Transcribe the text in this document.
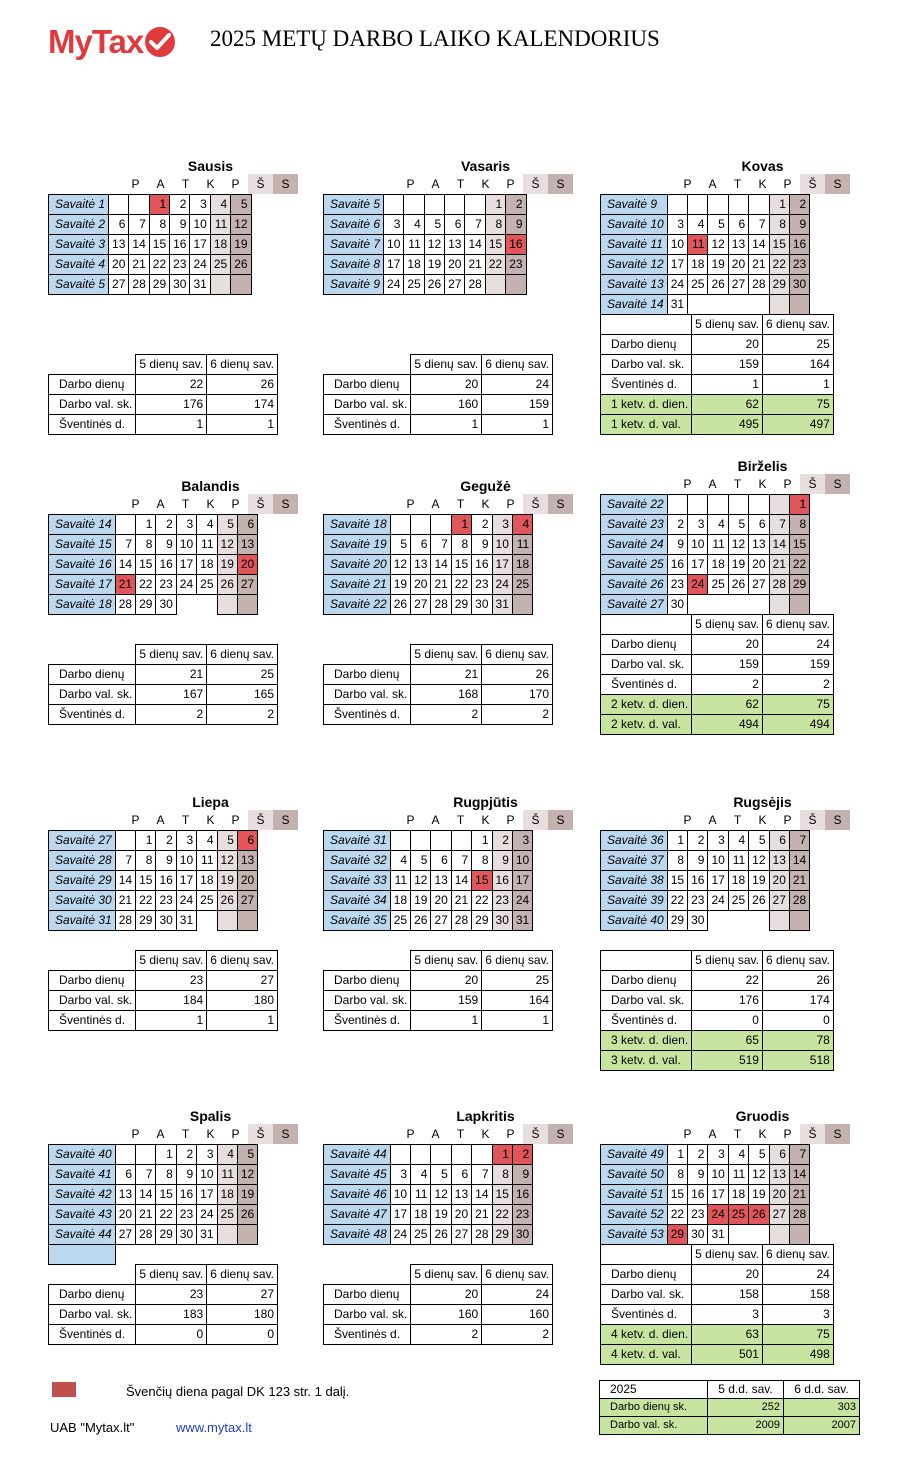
MyTax	2025 METŲ DARBO LAIKO KALENDORIUS
Sausis
P	A	T	K	P	Š	S
Savaitė 1			1	2	3	4	5
Savaitė 2	6	7	8	9	10	11	12
Savaitė 3	13	14	15	16	17	18	19
Savaitė 4	20	21	22	23	24	25	26
Savaitė 5	27	28	29	30	31		
	5 dienų sav.	6 dienų sav.
Darbo dienų	22	26
Darbo val. sk.	176	174
Šventinės d.	1	1
Vasaris
P	A	T	K	P	Š	S
Savaitė 5						1	2
Savaitė 6	3	4	5	6	7	8	9
Savaitė 7	10	11	12	13	14	15	16
Savaitė 8	17	18	19	20	21	22	23
Savaitė 9	24	25	26	27	28		
	5 dienų sav.	6 dienų sav.
Darbo dienų	20	24
Darbo val. sk.	160	159
Šventinės d.	1	1
Kovas
P	A	T	K	P	Š	S
Savaitė 9						1	2
Savaitė 10	3	4	5	6	7	8	9
Savaitė 11	10	11	12	13	14	15	16
Savaitė 12	17	18	19	20	21	22	23
Savaitė 13	24	25	26	27	28	29	30
Savaitė 14	31						
	5 dienų sav.	6 dienų sav.
Darbo dienų	20	25
Darbo val. sk.	159	164
Šventinės d.	1	1
1 ketv. d. dien.	62	75
1 ketv. d. val.	495	497
Balandis
P	A	T	K	P	Š	S
Savaitė 14		1	2	3	4	5	6
Savaitė 15	7	8	9	10	11	12	13
Savaitė 16	14	15	16	17	18	19	20
Savaitė 17	21	22	23	24	25	26	27
Savaitė 18	28	29	30				
	5 dienų sav.	6 dienų sav.
Darbo dienų	21	25
Darbo val. sk.	167	165
Šventinės d.	2	2
Gegužė
P	A	T	K	P	Š	S
Savaitė 18				1	2	3	4
Savaitė 19	5	6	7	8	9	10	11
Savaitė 20	12	13	14	15	16	17	18
Savaitė 21	19	20	21	22	23	24	25
Savaitė 22	26	27	28	29	30	31	
	5 dienų sav.	6 dienų sav.
Darbo dienų	21	26
Darbo val. sk.	168	170
Šventinės d.	2	2
Birželis
P	A	T	K	P	Š	S
Savaitė 22							1
Savaitė 23	2	3	4	5	6	7	8
Savaitė 24	9	10	11	12	13	14	15
Savaitė 25	16	17	18	19	20	21	22
Savaitė 26	23	24	25	26	27	28	29
Savaitė 27	30						
	5 dienų sav.	6 dienų sav.
Darbo dienų	20	24
Darbo val. sk.	159	159
Šventinės d.	2	2
2 ketv. d. dien.	62	75
2 ketv. d. val.	494	494
Liepa
P	A	T	K	P	Š	S
Savaitė 27		1	2	3	4	5	6
Savaitė 28	7	8	9	10	11	12	13
Savaitė 29	14	15	16	17	18	19	20
Savaitė 30	21	22	23	24	25	26	27
Savaitė 31	28	29	30	31			
	5 dienų sav.	6 dienų sav.
Darbo dienų	23	27
Darbo val. sk.	184	180
Šventinės d.	1	1
Rugpjūtis
P	A	T	K	P	Š	S
Savaitė 31					1	2	3
Savaitė 32	4	5	6	7	8	9	10
Savaitė 33	11	12	13	14	15	16	17
Savaitė 34	18	19	20	21	22	23	24
Savaitė 35	25	26	27	28	29	30	31
	5 dienų sav.	6 dienų sav.
Darbo dienų	20	25
Darbo val. sk.	159	164
Šventinės d.	1	1
Rugsėjis
P	A	T	K	P	Š	S
Savaitė 36	1	2	3	4	5	6	7
Savaitė 37	8	9	10	11	12	13	14
Savaitė 38	15	16	17	18	19	20	21
Savaitė 39	22	23	24	25	26	27	28
Savaitė 40	29	30					
	5 dienų sav.	6 dienų sav.
Darbo dienų	22	26
Darbo val. sk.	176	174
Šventinės d.	0	0
3 ketv. d. dien.	65	78
3 ketv. d. val.	519	518
Spalis
P	A	T	K	P	Š	S
Savaitė 40			1	2	3	4	5
Savaitė 41	6	7	8	9	10	11	12
Savaitė 42	13	14	15	16	17	18	19
Savaitė 43	20	21	22	23	24	25	26
Savaitė 44	27	28	29	30	31		

	5 dienų sav.	6 dienų sav.
Darbo dienų	23	27
Darbo val. sk.	183	180
Šventinės d.	0	0
Lapkritis
P	A	T	K	P	Š	S
Savaitė 44						1	2
Savaitė 45	3	4	5	6	7	8	9
Savaitė 46	10	11	12	13	14	15	16
Savaitė 47	17	18	19	20	21	22	23
Savaitė 48	24	25	26	27	28	29	30
	5 dienų sav.	6 dienų sav.
Darbo dienų	20	24
Darbo val. sk.	160	160
Šventinės d.	2	2
Gruodis
P	A	T	K	P	Š	S
Savaitė 49	1	2	3	4	5	6	7
Savaitė 50	8	9	10	11	12	13	14
Savaitė 51	15	16	17	18	19	20	21
Savaitė 52	22	23	24	25	26	27	28
Savaitė 53	29	30	31				
	5 dienų sav.	6 dienų sav.
Darbo dienų	20	24
Darbo val. sk.	158	158
Šventinės d.	3	3
4 ketv. d. dien.	63	75
4 ketv. d. val.	501	498
Švenčių diena pagal DK 123 str. 1 dalį.
UAB "Mytax.lt"	www.mytax.lt
2025	5 d.d. sav.	6 d.d. sav.
Darbo dienų sk.	252	303
Darbo val. sk.	2009	2007
